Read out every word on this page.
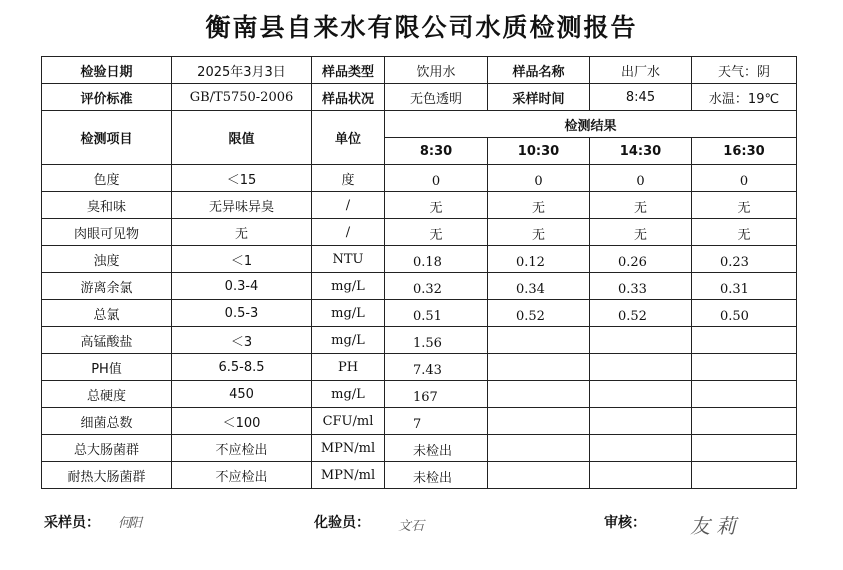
衡南县自来水有限公司水质检测报告
检验日期	2025年3月3日	样品类型	饮用水	样品名称	出厂水	天气：阴
评价标准	GB/T5750-2006	样品状况	无色透明	采样时间	8:45	水温：19℃
检测项目	限值	单位	检测结果			
			8:30	10:30	14:30	16:30
色度	＜15	度	0	0	0	0
臭和味	无异味异臭	/	无	无	无	无
肉眼可见物	无	/	无	无	无	无
浊度	＜1	NTU	0.18	0.12	0.26	0.23
游离余氯	0.3-4	mg/L	0.32	0.34	0.33	0.31
总氯	0.5-3	mg/L	0.51	0.52	0.52	0.50
高锰酸盐	＜3	mg/L	1.56			
PH值	6.5-8.5	PH	7.43			
总硬度	450	mg/L	167			
细菌总数	＜100	CFU/ml	7			
总大肠菌群	不应检出	MPN/ml	未检出			
耐热大肠菌群	不应检出	MPN/ml	未检出			
采样员： 何阳	化验员： 文石	审核： 友莉
